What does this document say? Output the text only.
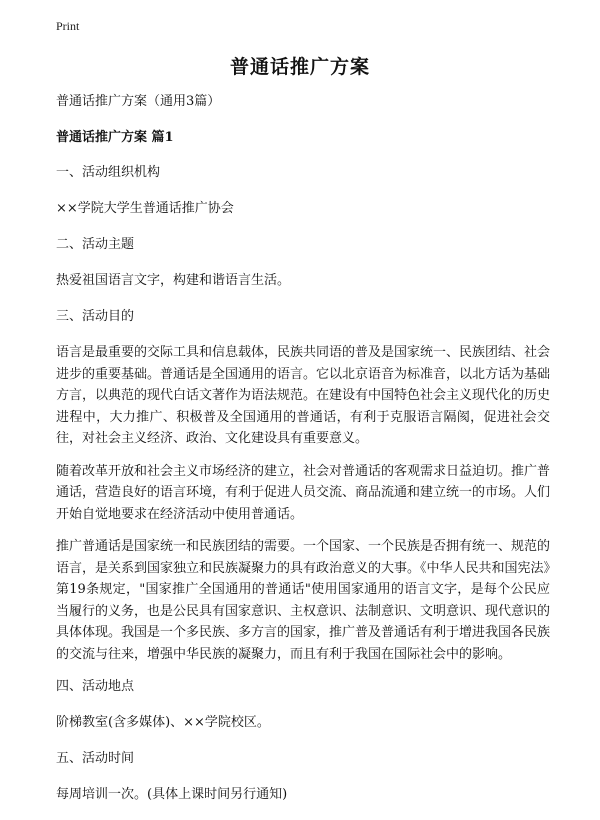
Print
普通话推广方案

普通话推广方案（通用3篇）

普通话推广方案 篇1

一、活动组织机构

××学院大学生普通话推广协会

二、活动主题

热爱祖国语言文字，构建和谐语言生活。

三、活动目的

语言是最重要的交际工具和信息载体，民族共同语的普及是国家统一、民族团结、社会进步的重要基础。普通话是全国通用的语言。它以北京语音为标准音，以北方话为基础方言，以典范的现代白话文著作为语法规范。在建设有中国特色社会主义现代化的历史进程中，大力推广、积极普及全国通用的普通话，有利于克服语言隔阂，促进社会交往，对社会主义经济、政治、文化建设具有重要意义。

随着改革开放和社会主义市场经济的建立，社会对普通话的客观需求日益迫切。推广普通话，营造良好的语言环境，有利于促进人员交流、商品流通和建立统一的市场。人们开始自觉地要求在经济活动中使用普通话。

推广普通话是国家统一和民族团结的需要。一个国家、一个民族是否拥有统一、规范的语言，是关系到国家独立和民族凝聚力的具有政治意义的大事。《中华人民共和国宪法》第19条规定，"国家推广全国通用的普通话"使用国家通用的语言文字，是每个公民应当履行的义务，也是公民具有国家意识、主权意识、法制意识、文明意识、现代意识的具体体现。我国是一个多民族、多方言的国家，推广普及普通话有利于增进我国各民族的交流与往来，增强中华民族的凝聚力，而且有利于我国在国际社会中的影响。

四、活动地点

阶梯教室(含多媒体)、××学院校区。

五、活动时间

每周培训一次。(具体上课时间另行通知)
